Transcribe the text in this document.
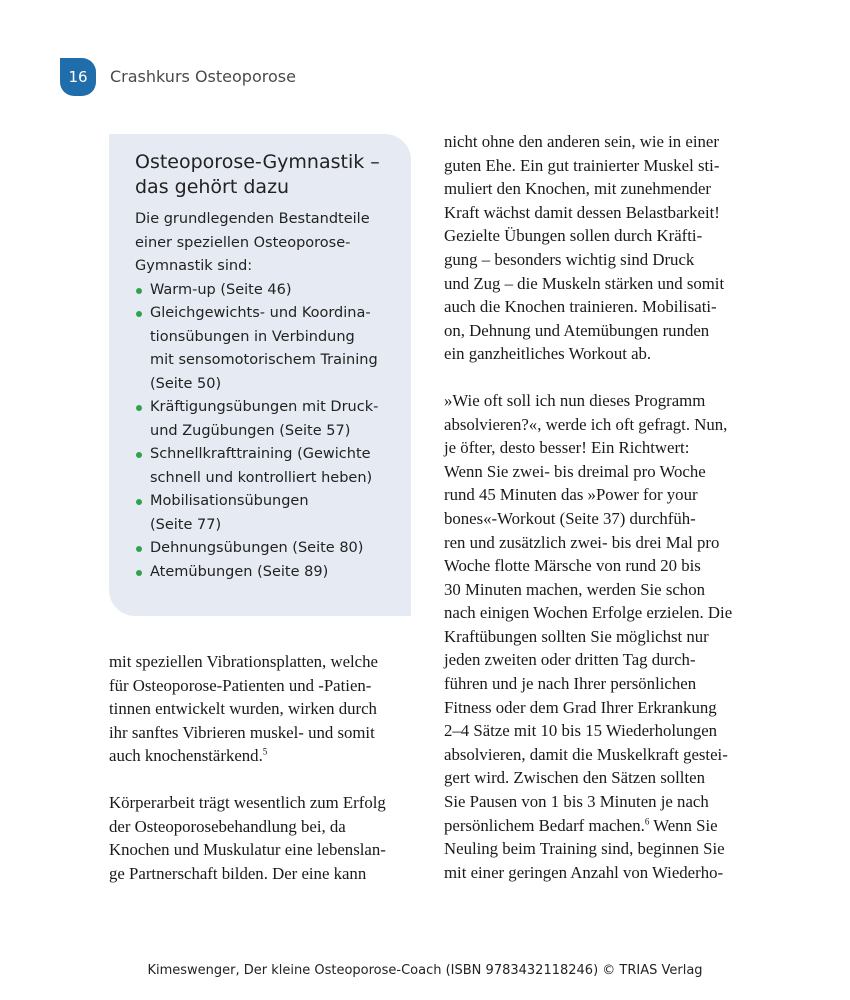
16 Crashkurs Osteoporose
Osteoporose-Gymnastik –
das gehört dazu

Die grundlegenden Bestandteile
einer speziellen Osteoporose-
Gymnastik sind:

Warm-up (Seite 46)
Gleichgewichts- und Koordina-
tionsübungen in Verbindung
mit sensomotorischem Training
(Seite 50)
Kräftigungsübungen mit Druck-
und Zugübungen (Seite 57)
Schnellkrafttraining (Gewichte
schnell und kontrolliert heben)
Mobilisationsübungen
(Seite 77)
Dehnungsübungen (Seite 80)
Atemübungen (Seite 89)

mit speziellen Vibrationsplatten, welche
für Osteoporose-Patienten und -Patien-
tinnen entwickelt wurden, wirken durch
ihr sanftes Vibrieren muskel- und somit
auch knochenstärkend.$^5$

Körperarbeit trägt wesentlich zum Erfolg
der Osteoporosebehandlung bei, da
Knochen und Muskulatur eine lebenslan-
ge Partnerschaft bilden. Der eine kann

nicht ohne den anderen sein, wie in einer
guten Ehe. Ein gut trainierter Muskel sti-
muliert den Knochen, mit zunehmender
Kraft wächst damit dessen Belastbarkeit!
Gezielte Übungen sollen durch Kräfti-
gung – besonders wichtig sind Druck
und Zug – die Muskeln stärken und somit
auch die Knochen trainieren. Mobilisati-
on, Dehnung und Atemübungen runden
ein ganzheitliches Workout ab.

»Wie oft soll ich nun dieses Programm
absolvieren?«, werde ich oft gefragt. Nun,
je öfter, desto besser! Ein Richtwert:
Wenn Sie zwei- bis dreimal pro Woche
rund 45 Minuten das »Power for your
bones«-Workout (Seite 37) durchfüh-
ren und zusätzlich zwei- bis drei Mal pro
Woche flotte Märsche von rund 20 bis
30 Minuten machen, werden Sie schon
nach einigen Wochen Erfolge erzielen. Die
Kraftübungen sollten Sie möglichst nur
jeden zweiten oder dritten Tag durch-
führen und je nach Ihrer persönlichen
Fitness oder dem Grad Ihrer Erkrankung
2–4 Sätze mit 10 bis 15 Wiederholungen
absolvieren, damit die Muskelkraft gestei-
gert wird. Zwischen den Sätzen sollten
Sie Pausen von 1 bis 3 Minuten je nach
persönlichem Bedarf machen.$^6$ Wenn Sie
Neuling beim Training sind, beginnen Sie
mit einer geringen Anzahl von Wiederho-

Kimeswenger, Der kleine Osteoporose-Coach (ISBN 9783432118246) © TRIAS Verlag
